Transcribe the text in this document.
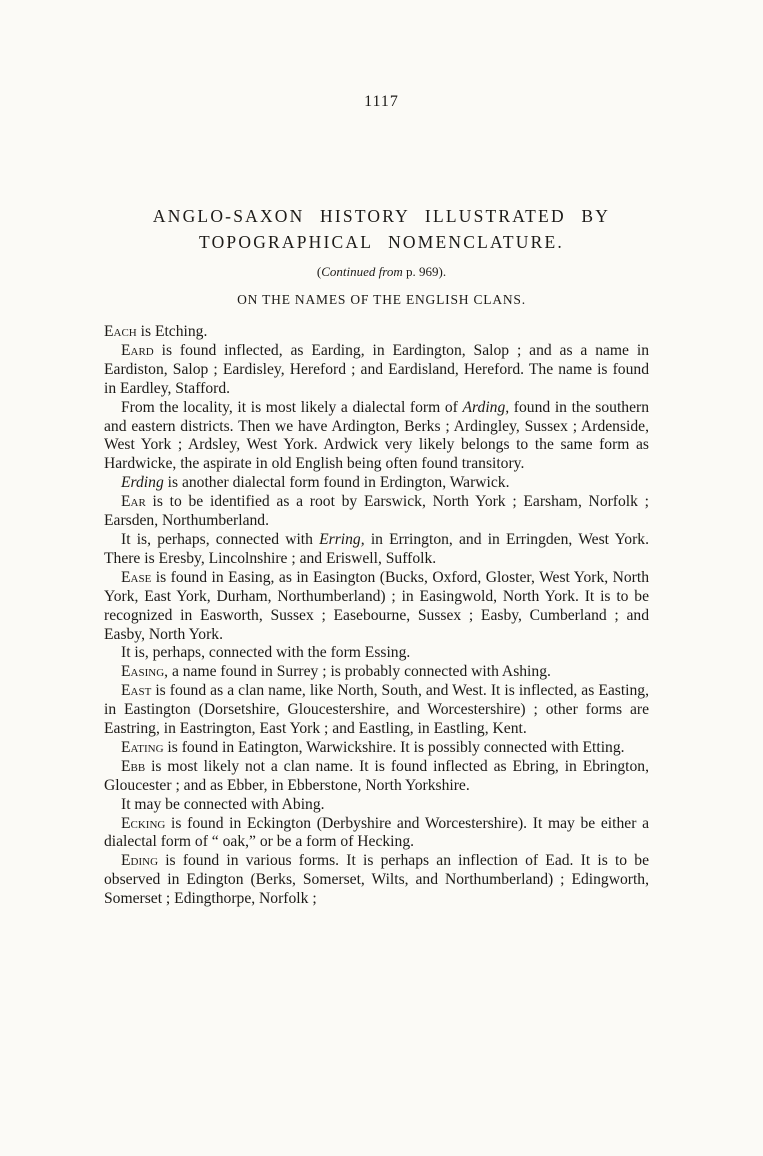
1117
ANGLO-SAXON HISTORY ILLUSTRATED BY
TOPOGRAPHICAL NOMENCLATURE.
(Continued from p. 969).
ON THE NAMES OF THE ENGLISH CLANS.

Each is Etching.

Eard is found inflected, as Earding, in Eardington, Salop ; and as a name in Eardiston, Salop ; Eardisley, Hereford ; and Eardisland, Hereford. The name is found in Eardley, Stafford.

From the locality, it is most likely a dialectal form of Arding, found in the southern and eastern districts. Then we have Ardington, Berks ; Ardingley, Sussex ; Ardenside, West York ; Ardsley, West York. Ardwick very likely belongs to the same form as Hardwicke, the aspirate in old English being often found transitory.

Erding is another dialectal form found in Erdington, Warwick.

Ear is to be identified as a root by Earswick, North York ; Earsham, Norfolk ; Earsden, Northumberland.

It is, perhaps, connected with Erring, in Errington, and in Erringden, West York. There is Eresby, Lincolnshire ; and Eriswell, Suffolk.

Ease is found in Easing, as in Easington (Bucks, Oxford, Gloster, West York, North York, East York, Durham, Northumberland) ; in Easingwold, North York. It is to be recognized in Easworth, Sussex ; Easebourne, Sussex ; Easby, Cumberland ; and Easby, North York.

It is, perhaps, connected with the form Essing.

Easing, a name found in Surrey ; is probably connected with Ashing.

East is found as a clan name, like North, South, and West. It is inflected, as Easting, in Eastington (Dorsetshire, Gloucestershire, and Worcestershire) ; other forms are Eastring, in Eastrington, East York ; and Eastling, in Eastling, Kent.

Eating is found in Eatington, Warwickshire. It is possibly connected with Etting.

Ebb is most likely not a clan name. It is found inflected as Ebring, in Ebrington, Gloucester ; and as Ebber, in Ebberstone, North Yorkshire.

It may be connected with Abing.

Ecking is found in Eckington (Derbyshire and Worcestershire). It may be either a dialectal form of “ oak,” or be a form of Hecking.

Eding is found in various forms. It is perhaps an inflection of Ead. It is to be observed in Edington (Berks, Somerset, Wilts, and Northumberland) ; Edingworth, Somerset ; Edingthorpe, Norfolk ;
